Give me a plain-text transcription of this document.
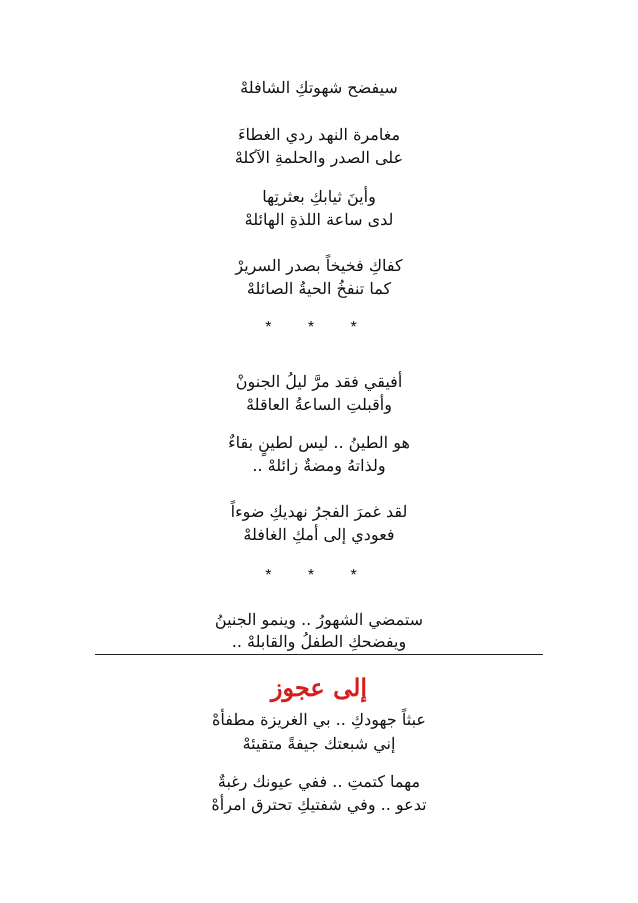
سيفضح شهوتكِ الشافلهْ
مغامرة النهد ردي الغطاءَ
على الصدر والحلمةِ الآكلهْ
وأينَ ثيابكِ بعثرتِها
لدى ساعة اللذةِ الهائلهْ
كفاكِ فخيخاً بصدر السريرْ
كما تنفخُ الحيةُ الصائلهْ
* * *
أفيقي فقد مرَّ ليلُ الجنونْ
وأقبلتِ الساعةُ العاقلهْ
هو الطينُ .. ليس لطينٍ بقاءٌ
ولذاتهُ ومضةٌ زائلهْ ..
لقد غمرَ الفجرُ نهديكِ ضوءاً
فعودي إلى أمكِ الغافلهْ
* * *
ستمضي الشهورُ .. وينمو الجنينُ
ويفضحكِ الطفلُ والقابلهْ ..
إلى عجوز
عبثاً جهودكِ .. بي الغريزة مطفأهْ
إني شبعتك جيفةً متقيئهْ
مهما كتمتِ .. ففي عيونك رغبةٌ
تدعو .. وفي شفتيكِ تحترق امرأهْ
